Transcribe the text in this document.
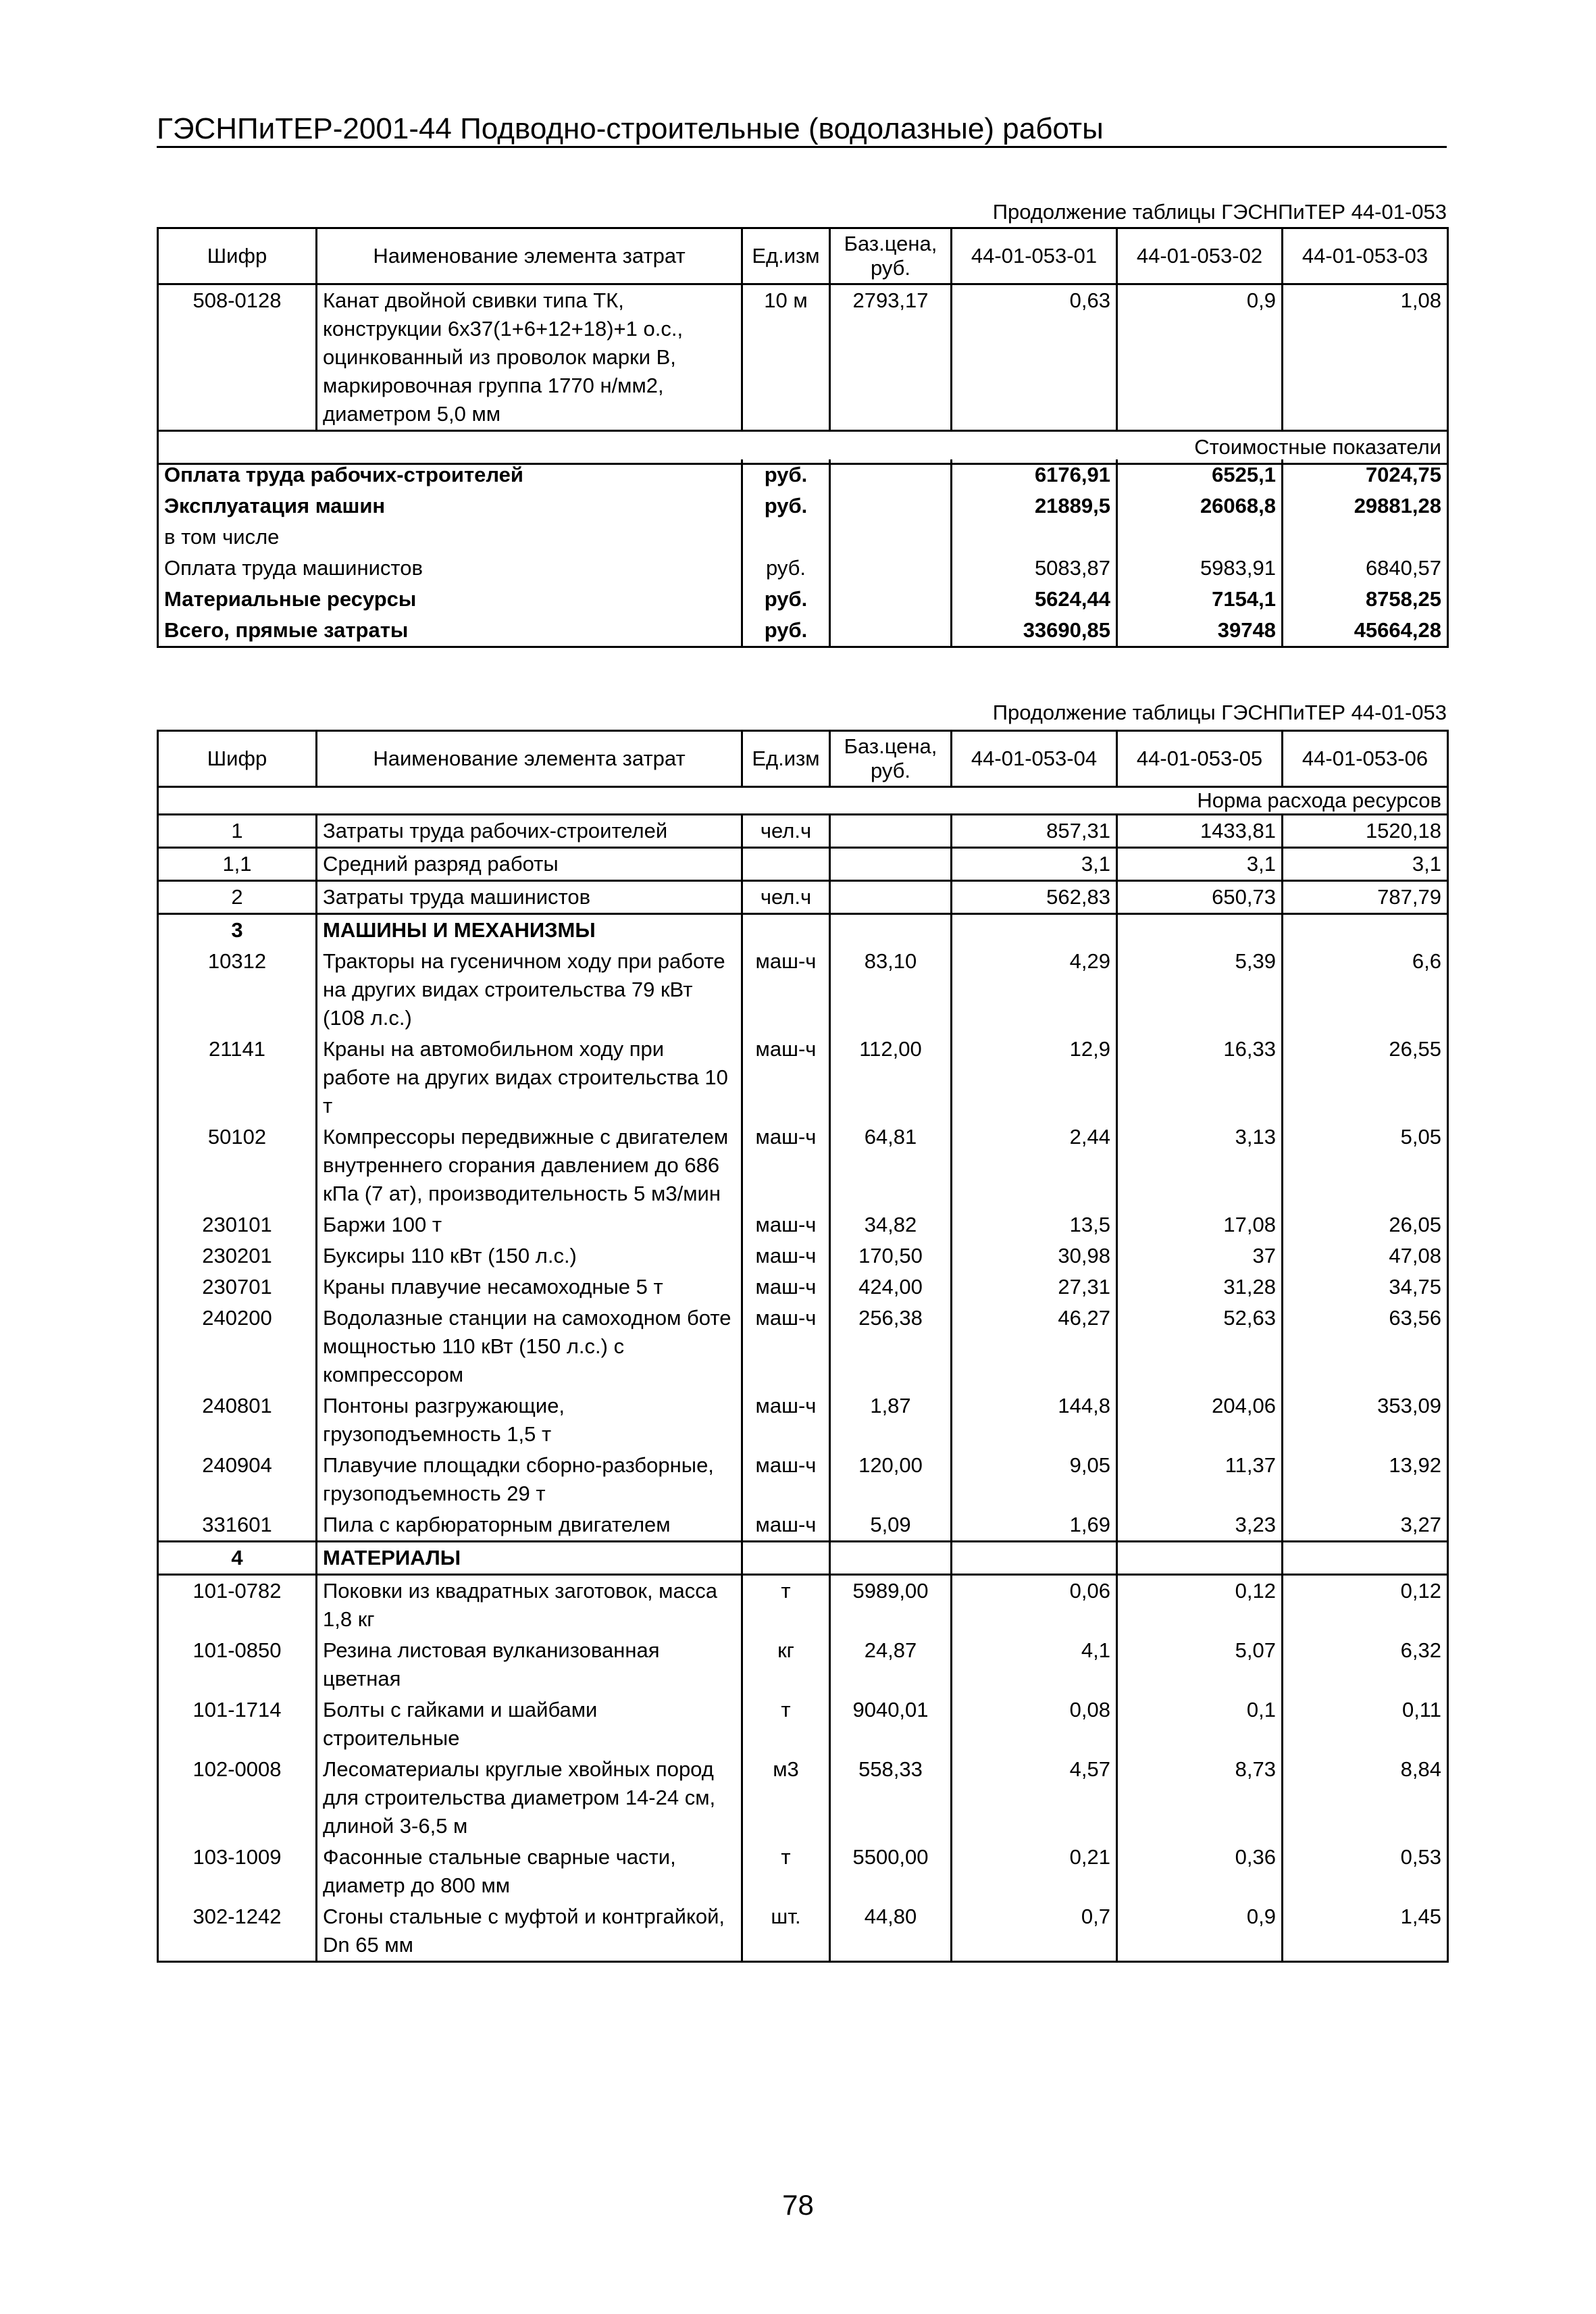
ГЭСНПиТЕР-2001-44 Подводно-строительные (водолазные) работы
Продолжение таблицы ГЭСНПиТЕР 44-01-053
Шифр	Наименование элемента затрат	Ед.изм	Баз.цена, руб.	44-01-053-01	44-01-053-02	44-01-053-03
508-0128	Канат двойной свивки типа ТК, конструкции 6х37(1+6+12+18)+1 о.с., оцинкованный из проволок марки В, маркировочная группа 1770 н/мм2, диаметром 5,0 мм	10 м	2793,17	0,63	0,9	1,08
Стоимостные показатели						
Оплата труда рабочих-строителей	руб.		6176,91	6525,1	7024,75
Эксплуатация машин	руб.		21889,5	26068,8	29881,28
в том числе					
Оплата труда машинистов	руб.		5083,87	5983,91	6840,57
Материальные ресурсы	руб.		5624,44	7154,1	8758,25
Всего, прямые затраты	руб.		33690,85	39748	45664,28
Продолжение таблицы ГЭСНПиТЕР 44-01-053
Шифр	Наименование элемента затрат	Ед.изм	Баз.цена, руб.	44-01-053-04	44-01-053-05	44-01-053-06
Норма расхода ресурсов						
1	Затраты труда рабочих-строителей	чел.ч		857,31	1433,81	1520,18
1,1	Средний разряд работы			3,1	3,1	3,1
2	Затраты труда машинистов	чел.ч		562,83	650,73	787,79
3	МАШИНЫ И МЕХАНИЗМЫ					
10312	Тракторы на гусеничном ходу при работе на других видах строительства 79 кВт (108 л.с.)	маш-ч	83,10	4,29	5,39	6,6
21141	Краны на автомобильном ходу при работе на других видах строительства 10 т	маш-ч	112,00	12,9	16,33	26,55
50102	Компрессоры передвижные с двигателем внутреннего сгорания давлением до 686 кПа (7 ат), производительность 5 м3/мин	маш-ч	64,81	2,44	3,13	5,05
230101	Баржи 100 т	маш-ч	34,82	13,5	17,08	26,05
230201	Буксиры 110 кВт (150 л.с.)	маш-ч	170,50	30,98	37	47,08
230701	Краны плавучие несамоходные 5 т	маш-ч	424,00	27,31	31,28	34,75
240200	Водолазные станции на самоходном боте мощностью 110 кВт (150 л.с.) с компрессором	маш-ч	256,38	46,27	52,63	63,56
240801	Понтоны разгружающие, грузоподъемность 1,5 т	маш-ч	1,87	144,8	204,06	353,09
240904	Плавучие площадки сборно-разборные, грузоподъемность 29 т	маш-ч	120,00	9,05	11,37	13,92
331601	Пила с карбюраторным двигателем	маш-ч	5,09	1,69	3,23	3,27
4	МАТЕРИАЛЫ					
101-0782	Поковки из квадратных заготовок, масса 1,8 кг	т	5989,00	0,06	0,12	0,12
101-0850	Резина листовая вулканизованная цветная	кг	24,87	4,1	5,07	6,32
101-1714	Болты с гайками и шайбами строительные	т	9040,01	0,08	0,1	0,11
102-0008	Лесоматериалы круглые хвойных пород для строительства диаметром 14-24 см, длиной 3-6,5 м	м3	558,33	4,57	8,73	8,84
103-1009	Фасонные стальные сварные части, диаметр до 800 мм	т	5500,00	0,21	0,36	0,53
302-1242	Сгоны стальные с муфтой и контргайкой, Dn 65 мм	шт.	44,80	0,7	0,9	1,45
78
